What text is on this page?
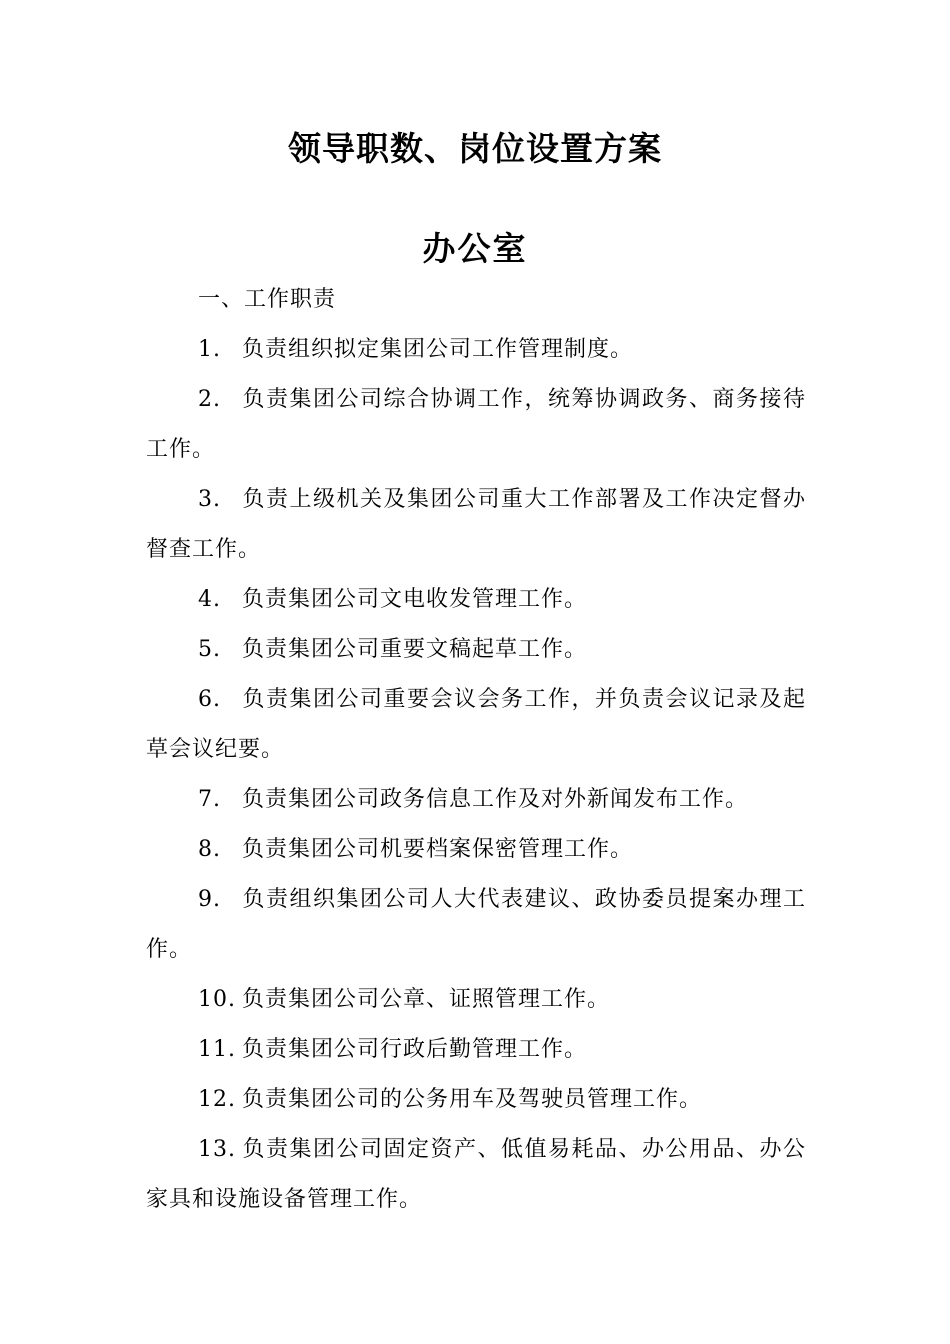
领导职数、岗位设置方案
办公室

一、工作职责

1. 负责组织拟定集团公司工作管理制度。

2. 负责集团公司综合协调工作，统筹协调政务、商务接待工作。

3. 负责上级机关及集团公司重大工作部署及工作决定督办督查工作。

4. 负责集团公司文电收发管理工作。

5. 负责集团公司重要文稿起草工作。

6. 负责集团公司重要会议会务工作，并负责会议记录及起草会议纪要。

7. 负责集团公司政务信息工作及对外新闻发布工作。

8. 负责集团公司机要档案保密管理工作。

9. 负责组织集团公司人大代表建议、政协委员提案办理工作。

10. 负责集团公司公章、证照管理工作。

11. 负责集团公司行政后勤管理工作。

12. 负责集团公司的公务用车及驾驶员管理工作。

13. 负责集团公司固定资产、低值易耗品、办公用品、办公家具和设施设备管理工作。
